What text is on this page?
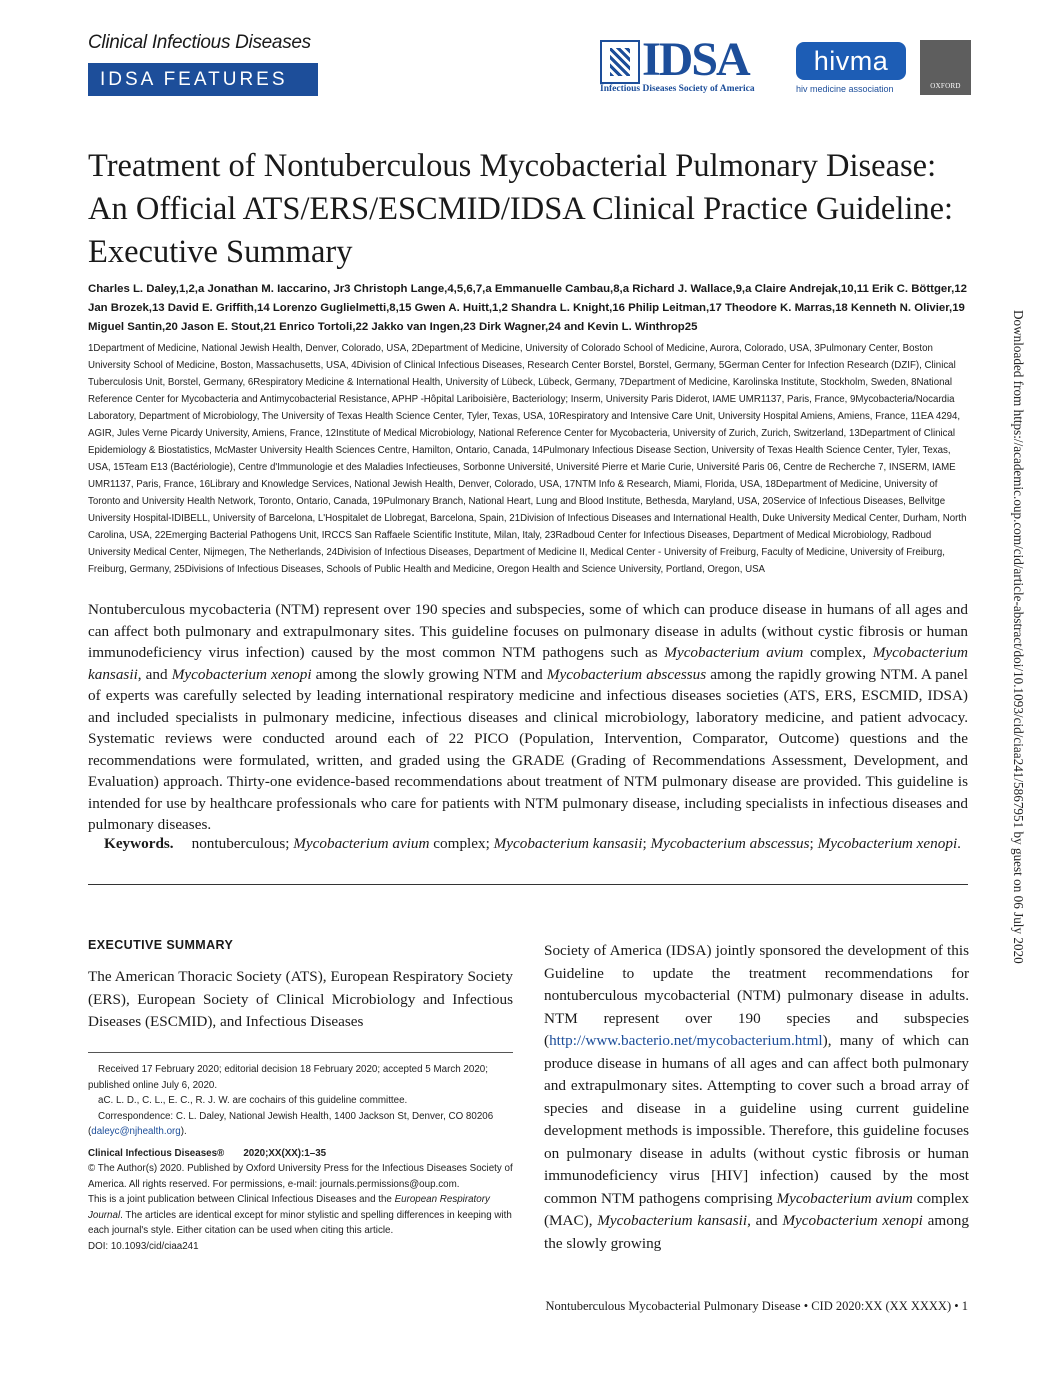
Clinical Infectious Diseases
IDSA FEATURES	IDSA
Infectious Diseases Society of America
hivma
hiv medicine association	OXFORD
Treatment of Nontuberculous Mycobacterial Pulmonary Disease: An Official ATS/ERS/ESCMID/IDSA Clinical Practice Guideline: Executive Summary
Charles L. Daley,1,2,a Jonathan M. Iaccarino, Jr3 Christoph Lange,4,5,6,7,a Emmanuelle Cambau,8,a Richard J. Wallace,9,a Claire Andrejak,10,11 Erik C. Böttger,12 Jan Brozek,13 David E. Griffith,14 Lorenzo Guglielmetti,8,15 Gwen A. Huitt,1,2 Shandra L. Knight,16 Philip Leitman,17 Theodore K. Marras,18 Kenneth N. Olivier,19 Miguel Santin,20 Jason E. Stout,21 Enrico Tortoli,22 Jakko van Ingen,23 Dirk Wagner,24 and Kevin L. Winthrop25
1Department of Medicine, National Jewish Health, Denver, Colorado, USA, 2Department of Medicine, University of Colorado School of Medicine, Aurora, Colorado, USA, 3Pulmonary Center, Boston University School of Medicine, Boston, Massachusetts, USA, 4Division of Clinical Infectious Diseases, Research Center Borstel, Borstel, Germany, 5German Center for Infection Research (DZIF), Clinical Tuberculosis Unit, Borstel, Germany, 6Respiratory Medicine & International Health, University of Lübeck, Lübeck, Germany, 7Department of Medicine, Karolinska Institute, Stockholm, Sweden, 8National Reference Center for Mycobacteria and Antimycobacterial Resistance, APHP -Hôpital Lariboisière, Bacteriology; Inserm, University Paris Diderot, IAME UMR1137, Paris, France, 9Mycobacteria/Nocardia Laboratory, Department of Microbiology, The University of Texas Health Science Center, Tyler, Texas, USA, 10Respiratory and Intensive Care Unit, University Hospital Amiens, Amiens, France, 11EA 4294, AGIR, Jules Verne Picardy University, Amiens, France, 12Institute of Medical Microbiology, National Reference Center for Mycobacteria, University of Zurich, Zurich, Switzerland, 13Department of Clinical Epidemiology & Biostatistics, McMaster University Health Sciences Centre, Hamilton, Ontario, Canada, 14Pulmonary Infectious Disease Section, University of Texas Health Science Center, Tyler, Texas, USA, 15Team E13 (Bactériologie), Centre d'Immunologie et des Maladies Infectieuses, Sorbonne Université, Université Pierre et Marie Curie, Université Paris 06, Centre de Recherche 7, INSERM, IAME UMR1137, Paris, France, 16Library and Knowledge Services, National Jewish Health, Denver, Colorado, USA, 17NTM Info & Research, Miami, Florida, USA, 18Department of Medicine, University of Toronto and University Health Network, Toronto, Ontario, Canada, 19Pulmonary Branch, National Heart, Lung and Blood Institute, Bethesda, Maryland, USA, 20Service of Infectious Diseases, Bellvitge University Hospital-IDIBELL, University of Barcelona, L'Hospitalet de Llobregat, Barcelona, Spain, 21Division of Infectious Diseases and International Health, Duke University Medical Center, Durham, North Carolina, USA, 22Emerging Bacterial Pathogens Unit, IRCCS San Raffaele Scientific Institute, Milan, Italy, 23Radboud Center for Infectious Diseases, Department of Medical Microbiology, Radboud University Medical Center, Nijmegen, The Netherlands, 24Division of Infectious Diseases, Department of Medicine II, Medical Center - University of Freiburg, Faculty of Medicine, University of Freiburg, Freiburg, Germany, 25Divisions of Infectious Diseases, Schools of Public Health and Medicine, Oregon Health and Science University, Portland, Oregon, USA
Nontuberculous mycobacteria (NTM) represent over 190 species and subspecies, some of which can produce disease in humans of all ages and can affect both pulmonary and extrapulmonary sites. This guideline focuses on pulmonary disease in adults (without cystic fibrosis or human immunodeficiency virus infection) caused by the most common NTM pathogens such as Mycobacterium avium complex, Mycobacterium kansasii, and Mycobacterium xenopi among the slowly growing NTM and Mycobacterium abscessus among the rapidly growing NTM. A panel of experts was carefully selected by leading international respiratory medicine and infectious diseases societies (ATS, ERS, ESCMID, IDSA) and included specialists in pulmonary medicine, infectious diseases and clinical microbiology, laboratory medicine, and patient advocacy. Systematic reviews were conducted around each of 22 PICO (Population, Intervention, Comparator, Outcome) questions and the recommendations were formulated, written, and graded using the GRADE (Grading of Recommendations Assessment, Development, and Evaluation) approach. Thirty-one evidence-based recommendations about treatment of NTM pulmonary disease are provided. This guideline is intended for use by healthcare professionals who care for patients with NTM pulmonary disease, including specialists in infectious diseases and pulmonary diseases.
Keywords. nontuberculous; Mycobacterium avium complex; Mycobacterium kansasii; Mycobacterium abscessus; Mycobacterium xenopi.
EXECUTIVE SUMMARY
The American Thoracic Society (ATS), European Respiratory Society (ERS), European Society of Clinical Microbiology and Infectious Diseases (ESCMID), and Infectious Diseases
Society of America (IDSA) jointly sponsored the development of this Guideline to update the treatment recommendations for nontuberculous mycobacterial (NTM) pulmonary disease in adults. NTM represent over 190 species and subspecies (http://www.bacterio.net/mycobacterium.html), many of which can produce disease in humans of all ages and can affect both pulmonary and extrapulmonary sites. Attempting to cover such a broad array of species and disease in a guideline using current guideline development methods is impossible. Therefore, this guideline focuses on pulmonary disease in adults (without cystic fibrosis or human immunodeficiency virus [HIV] infection) caused by the most common NTM pathogens comprising Mycobacterium avium complex (MAC), Mycobacterium kansasii, and Mycobacterium xenopi among the slowly growing

Received 17 February 2020; editorial decision 18 February 2020; accepted 5 March 2020; published online July 6, 2020.

aC. L. D., C. L., E. C., R. J. W. are cochairs of this guideline committee.

Correspondence: C. L. Daley, National Jewish Health, 1400 Jackson St, Denver, CO 80206 (daleyc@njhealth.org).

Clinical Infectious Diseases® 2020;XX(XX):1–35

© The Author(s) 2020. Published by Oxford University Press for the Infectious Diseases Society of America. All rights reserved. For permissions, e-mail: journals.permissions@oup.com.

This is a joint publication between Clinical Infectious Diseases and the European Respiratory Journal. The articles are identical except for minor stylistic and spelling differences in keeping with each journal's style. Either citation can be used when citing this article.

DOI: 10.1093/cid/ciaa241

Nontuberculous Mycobacterial Pulmonary Disease • CID 2020:XX (XX XXXX) • 1
Downloaded from https://academic.oup.com/cid/article-abstract/doi/10.1093/cid/ciaa241/5867951 by guest on 06 July 2020
